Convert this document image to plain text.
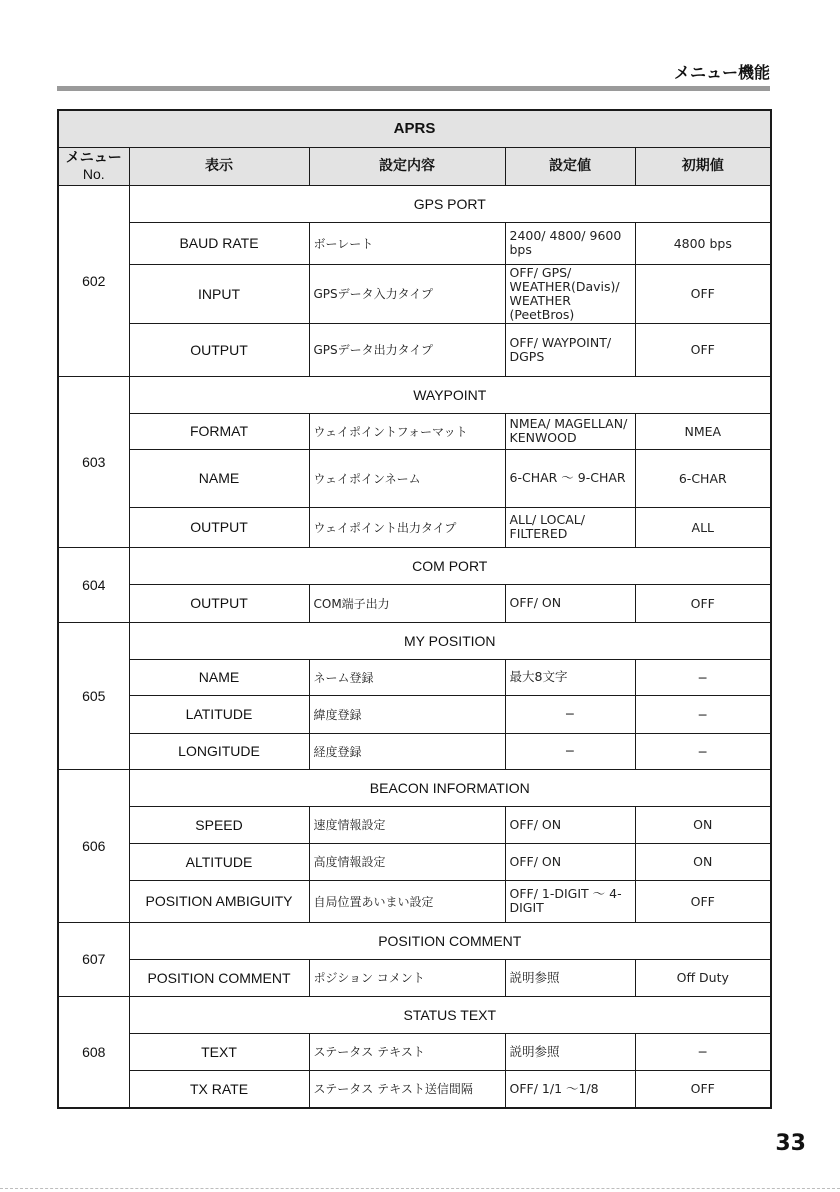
メニュー機能
APRS				
メニュー
No.	表示	設定内容	設定値	初期値
602	GPS PORT			
	BAUD RATE	ボーレート	2400/ 4800/ 9600 bps	4800 bps
	INPUT	GPSデータ入力タイプ	OFF/ GPS/ WEATHER(Davis)/ WEATHER (PeetBros)	OFF
	OUTPUT	GPSデータ出力タイプ	OFF/ WAYPOINT/ DGPS	OFF
603	WAYPOINT			
	FORMAT	ウェイポイントフォーマット	NMEA/ MAGELLAN/ KENWOOD	NMEA
	NAME	ウェイポインネーム	6-CHAR ～ 9-CHAR	6-CHAR
	OUTPUT	ウェイポイント出力タイプ	ALL/ LOCAL/ FILTERED	ALL
604	COM PORT			
	OUTPUT	COM端子出力	OFF/ ON	OFF
605	MY POSITION			
	NAME	ネーム登録	最大8文字	−
	LATITUDE	緯度登録	−	−
	LONGITUDE	経度登録	−	−
606	BEACON INFORMATION			
	SPEED	速度情報設定	OFF/ ON	ON
	ALTITUDE	高度情報設定	OFF/ ON	ON
	POSITION AMBIGUITY	自局位置あいまい設定	OFF/ 1-DIGIT ～ 4-DIGIT	OFF
607	POSITION COMMENT			
	POSITION COMMENT	ポジション コメント	説明参照	Off Duty
608	STATUS TEXT			
	TEXT	ステータス テキスト	説明参照	−
	TX RATE	ステータス テキスト送信間隔	OFF/ 1/1 ～1/8	OFF
33
